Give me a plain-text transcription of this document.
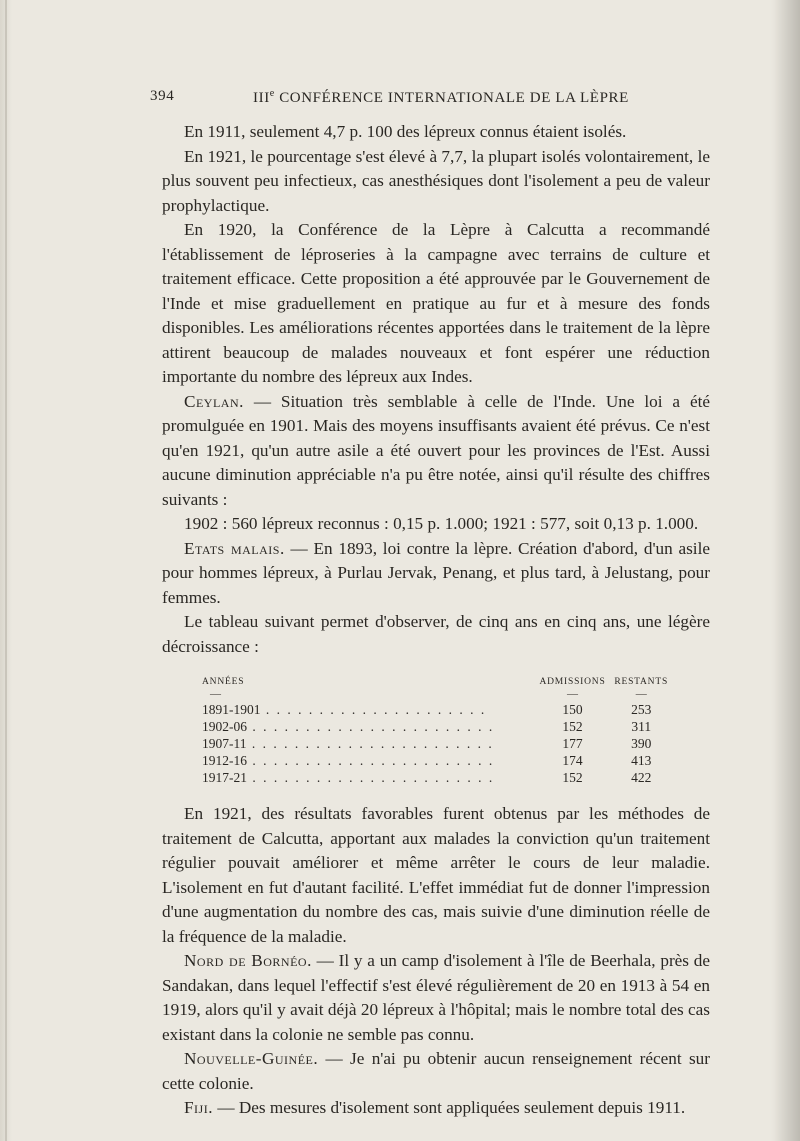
394	IIIe CONFÉRENCE INTERNATIONALE DE LA LÈPRE

En 1911, seulement 4,7 p. 100 des lépreux connus étaient isolés.

En 1921, le pourcentage s'est élevé à 7,7, la plupart isolés volontairement, le plus souvent peu infectieux, cas anesthésiques dont l'isolement a peu de valeur prophylactique.

En 1920, la Conférence de la Lèpre à Calcutta a recommandé l'établissement de léproseries à la campagne avec terrains de culture et traitement efficace. Cette proposition a été approuvée par le Gouvernement de l'Inde et mise graduellement en pratique au fur et à mesure des fonds disponibles. Les améliorations récentes apportées dans le traitement de la lèpre attirent beaucoup de malades nouveaux et font espérer une réduction importante du nombre des lépreux aux Indes.

Ceylan. — Situation très semblable à celle de l'Inde. Une loi a été promulguée en 1901. Mais des moyens insuffisants avaient été prévus. Ce n'est qu'en 1921, qu'un autre asile a été ouvert pour les provinces de l'Est. Aussi aucune diminution appréciable n'a pu être notée, ainsi qu'il résulte des chiffres suivants :

1902 : 560 lépreux reconnus : 0,15 p. 1.000; 1921 : 577, soit 0,13 p. 1.000.

Etats malais. — En 1893, loi contre la lèpre. Création d'abord, d'un asile pour hommes lépreux, à Purlau Jervak, Penang, et plus tard, à Jelustang, pour femmes.

Le tableau suivant permet d'observer, de cinq ans en cinq ans, une légère décroissance :

ANNÉES	ADMISSIONS	RESTANTS
—	—	—
1891-1901 . . .	150	253
1902-06 . . .	152	311
1907-11 . . .	177	390
1912-16 . . .	174	413
1917-21 . . .	152	422

En 1921, des résultats favorables furent obtenus par les méthodes de traitement de Calcutta, apportant aux malades la conviction qu'un traitement régulier pouvait améliorer et même arrêter le cours de leur maladie. L'isolement en fut d'autant facilité. L'effet immédiat fut de donner l'impression d'une augmentation du nombre des cas, mais suivie d'une diminution réelle de la fréquence de la maladie.

Nord de Bornéo. — Il y a un camp d'isolement à l'île de Beerhala, près de Sandakan, dans lequel l'effectif s'est élevé régulièrement de 20 en 1913 à 54 en 1919, alors qu'il y avait déjà 20 lépreux à l'hôpital; mais le nombre total des cas existant dans la colonie ne semble pas connu.

Nouvelle-Guinée. — Je n'ai pu obtenir aucun renseignement récent sur cette colonie.

Fiji. — Des mesures d'isolement sont appliquées seulement depuis 1911.
